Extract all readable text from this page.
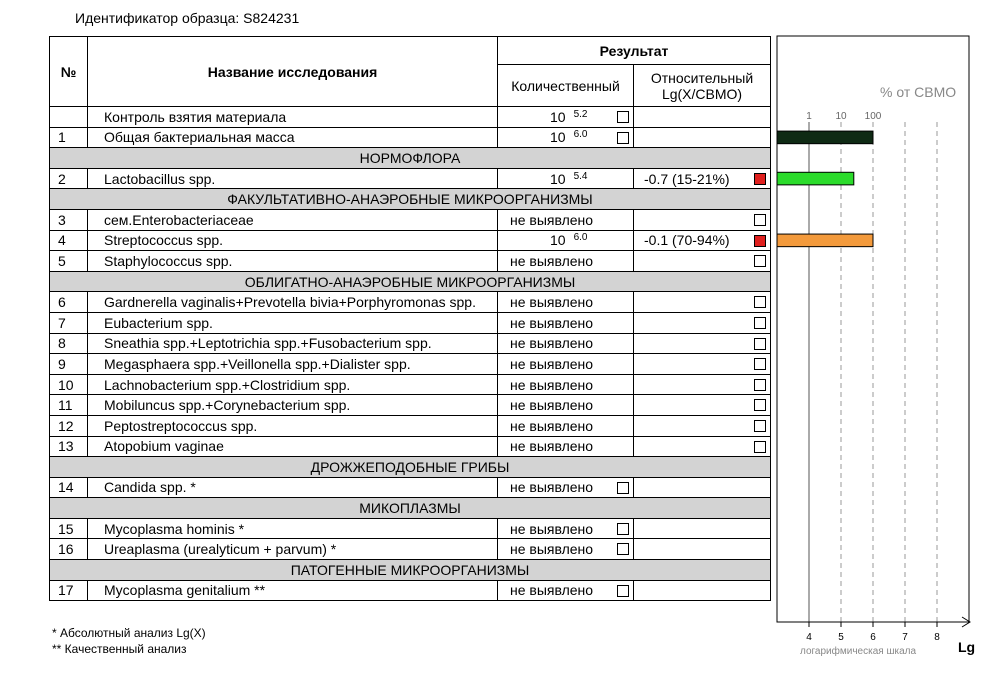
Идентификатор образца: S824231
№	Название исследования	Результат	
		Количественный	Относительный
Lg(X/СВМО)
	Контроль взятия материала	10 $^{5.2}$

1	Общая бактериальная масса	10 $^{6.0}$

НОРМОФЛОРА			
2	Lactobacillus spp.	10 $^{5.4}$	-0.7 (15-21%)

ФАКУЛЬТАТИВНО-АНАЭРОБНЫЕ МИКРООРГАНИЗМЫ			
3	сем.Enterobacteriaceae	не выявлено	

4	Streptococcus spp.	10 $^{6.0}$	-0.1 (70-94%)

5	Staphylococcus spp.	не выявлено	

ОБЛИГАТНО-АНАЭРОБНЫЕ МИКРООРГАНИЗМЫ			
6	Gardnerella vaginalis+Prevotella bivia+Porphyromonas spp.	не выявлено	

7	Eubacterium spp.	не выявлено	

8	Sneathia spp.+Leptotrichia spp.+Fusobacterium spp.	не выявлено	

9	Megasphaera spp.+Veillonella spp.+Dialister spp.	не выявлено	

10	Lachnobacterium spp.+Clostridium spp.	не выявлено	

11	Mobiluncus spp.+Corynebacterium spp.	не выявлено	

12	Peptostreptococcus spp.	не выявлено	

13	Atopobium vaginae	не выявлено	

ДРОЖЖЕПОДОБНЫЕ ГРИБЫ			
14	Candida spp. *	не выявлено

МИКОПЛАЗМЫ			
15	Mycoplasma hominis *	не выявлено

16	Ureaplasma (urealyticum + parvum) *	не выявлено

ПАТОГЕННЫЕ МИКРООРГАНИЗМЫ			
17	Mycoplasma genitalium **	не выявлено

* Абсолютный анализ Lg(X)
** Качественный анализ
4	5	6	7	8
1 10 100
% от СВМО
Lg
логарифмическая шкала
